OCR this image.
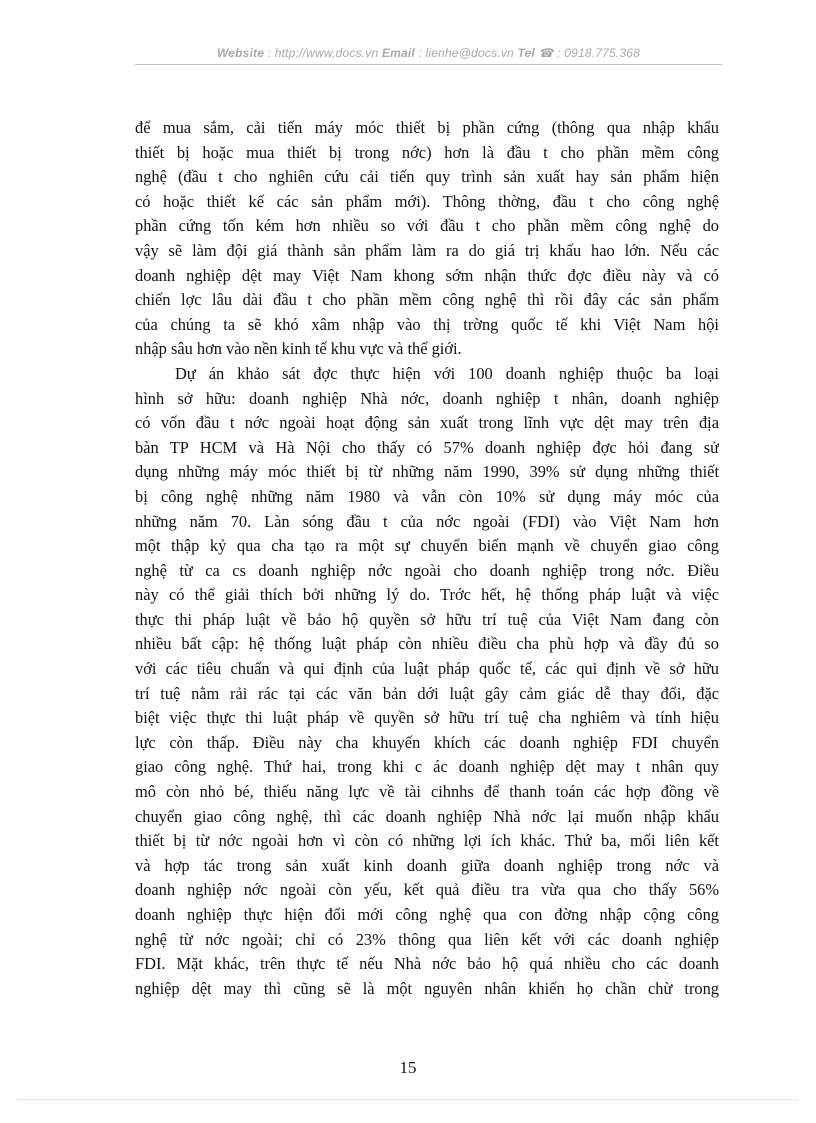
Website : http://www.docs.vn Email : lienhe@docs.vn Tel ☎ : 0918.775.368
để mua sắm, cải tiến máy móc thiết bị phần cứng (thông qua nhập khẩu
thiết bị hoặc mua thiết bị trong nớc) hơn là đầu t cho phần mềm công
nghệ (đầu t cho nghiên cứu cải tiến quy trình sản xuất hay sản phẩm hiện
có hoặc thiết kế các sản phẩm mới). Thông thờng, đầu t cho công nghệ
phần cứng tốn kém hơn nhiều so với đầu t cho phần mềm công nghệ do
vậy sẽ làm đội giá thành sản phẩm làm ra do giá trị khấu hao lớn. Nếu các
doanh nghiệp dệt may Việt Nam khong sớm nhận thức đợc điều này và có
chiến lợc lâu dài đầu t cho phần mềm công nghệ thì rồi đây các sản phẩm
của chúng ta sẽ khó xâm nhập vào thị trờng quốc tế khi Việt Nam hội
nhập sâu hơn vào nền kinh tế khu vực và thế giới.
Dự án khảo sát đợc thực hiện với 100 doanh nghiệp thuộc ba loại
hình sở hữu: doanh nghiệp Nhà nớc, doanh nghiệp t nhân, doanh nghiệp
có vốn đầu t nớc ngoài hoạt động sản xuất trong lĩnh vực dệt may trên địa
bàn TP HCM và Hà Nội cho thấy có 57% doanh nghiệp đợc hỏi đang sử
dụng những máy móc thiết bị từ những năm 1990, 39% sử dụng những thiết
bị công nghệ những năm 1980 và vẫn còn 10% sử dụng máy móc của
những năm 70. Làn sóng đầu t của nớc ngoài (FDI) vào Việt Nam hơn
một thập kỷ qua cha tạo ra một sự chuyển biến mạnh về chuyển giao công
nghệ từ ca cs doanh nghiệp nớc ngoài cho doanh nghiệp trong nớc. Điều
này có thể giải thích bởi những lý do. Trớc hết, hệ thống pháp luật và việc
thực thi pháp luật về bảo hộ quyền sở hữu trí tuệ của Việt Nam đang còn
nhiều bất cập: hệ thống luật pháp còn nhiều điều cha phù hợp và đầy đủ so
với các tiêu chuẩn và qui định của luật pháp quốc tế, các qui định về sở hữu
trí tuệ nằm rải rác tại các văn bản dới luật gây cảm giác dễ thay đổi, đặc
biệt việc thực thi luật pháp về quyền sở hữu trí tuệ cha nghiêm và tính hiệu
lực còn thấp. Điều này cha khuyến khích các doanh nghiệp FDI chuyển
giao công nghệ. Thứ hai, trong khi c ác doanh nghiệp dệt may t nhân quy
mô còn nhỏ bé, thiếu năng lực về tài cihnhs để thanh toán các hợp đồng về
chuyển giao công nghệ, thì các doanh nghiệp Nhà nớc lại muốn nhập khẩu
thiết bị từ nớc ngoài hơn vì còn có những lợi ích khác. Thứ ba, mối liên kết
và hợp tác trong sản xuất kinh doanh giữa doanh nghiệp trong nớc và
doanh nghiệp nớc ngoài còn yếu, kết quả điều tra vừa qua cho thấy 56%
doanh nghiệp thực hiện đổi mới công nghệ qua con đờng nhập cộng công
nghệ từ nớc ngoài; chỉ có 23% thông qua liên kết với các doanh nghiệp
FDI. Mặt khác, trên thực tế nếu Nhà nớc bảo hộ quá nhiều cho các doanh
nghiệp dệt may thì cũng sẽ là một nguyên nhân khiến họ chần chừ trong
15
